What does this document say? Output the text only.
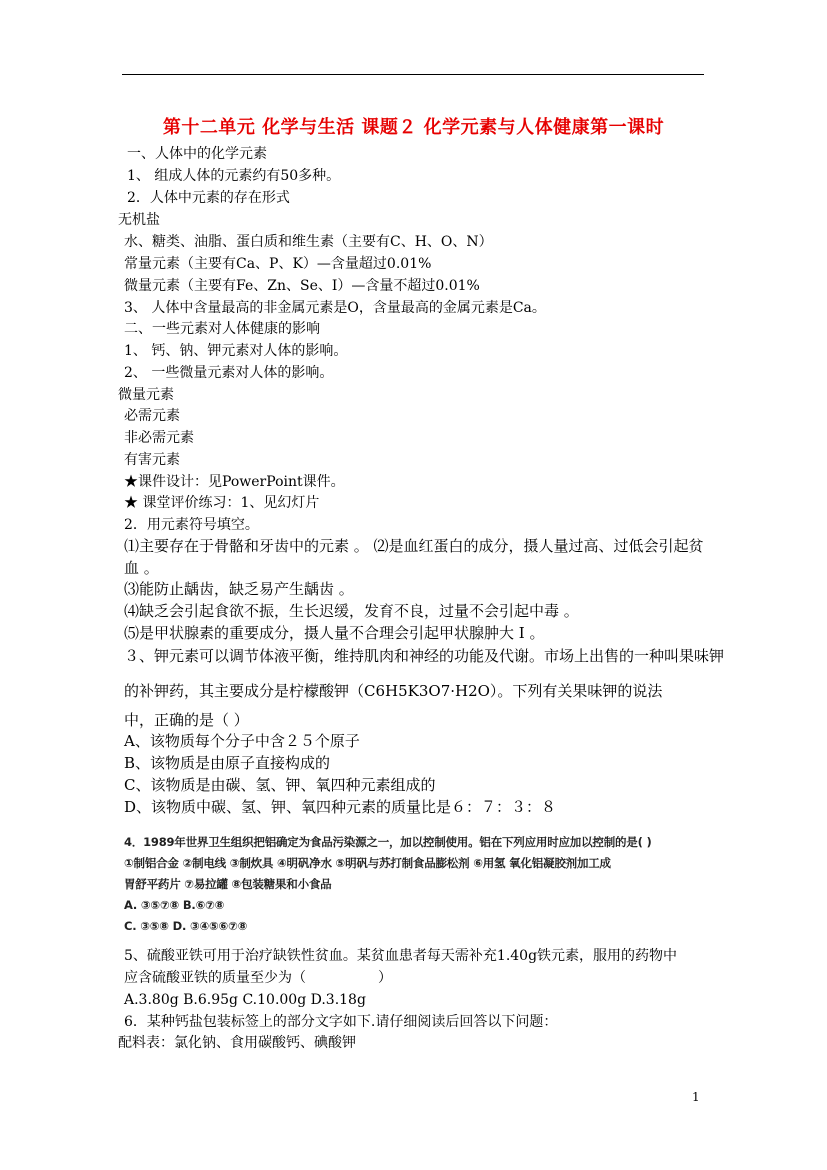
第十二单元 化学与生活 课题２ 化学元素与人体健康第一课时
一、人体中的化学元素
1、 组成人体的元素约有50多种。
2．人体中元素的存在形式
无机盐
水、糖类、油脂、蛋白质和维生素（主要有C、H、O、N）
常量元素（主要有Ca、P、K）—含量超过0.01%
微量元素（主要有Fe、Zn、Se、I）—含量不超过0.01%
3、 人体中含量最高的非金属元素是O，含量最高的金属元素是Ca。
二、一些元素对人体健康的影响
1、 钙、钠、钾元素对人体的影响。
2、 一些微量元素对人体的影响。
微量元素
必需元素
非必需元素
有害元素
★课件设计：见PowerPoint课件。
★ 课堂评价练习：1、见幻灯片
2．用元素符号填空。
⑴主要存在于骨骼和牙齿中的元素 。 ⑵是血红蛋白的成分，摄人量过高、过低会引起贫
血 。
⑶能防止龋齿，缺乏易产生龋齿 。
⑷缺乏会引起食欲不振，生长迟缓，发育不良，过量不会引起中毒 。
⑸是甲状腺素的重要成分，摄人量不合理会引起甲状腺肿大 I 。
３、钾元素可以调节体液平衡，维持肌肉和神经的功能及代谢。市场上出售的一种叫果味钾
的补钾药，其主要成分是柠檬酸钾（C6H5K3O7·H2O）。下列有关果味钾的说法
中，正确的是（ ）
A、该物质每个分子中含２５个原子
B、该物质是由原子直接构成的
C、该物质是由碳、氢、钾、氧四种元素组成的
D、该物质中碳、氢、钾、氧四种元素的质量比是６：７：３：８
4．1989年世界卫生组织把铝确定为食品污染源之一，加以控制使用。铝在下列应用时应加以控制的是( )
①制铝合金 ②制电线 ③制炊具 ④明矾净水 ⑤明矾与苏打制食品膨松剂 ⑥用氢 氧化铝凝胶剂加工成
胃舒平药片 ⑦易拉罐 ⑧包装糖果和小食品
A. ③⑤⑦⑧ B.⑥⑦⑧
C. ③⑤⑧ D. ③④⑤⑥⑦⑧
5、硫酸亚铁可用于治疗缺铁性贫血。某贫血患者每天需补充1.40g铁元素，服用的药物中
应含硫酸亚铁的质量至少为（	）
A.3.80g B.6.95g C.10.00g D.3.18g
6．某种钙盐包装标签上的部分文字如下.请仔细阅读后回答以下问题：
配料表：氯化钠、食用碳酸钙、碘酸钾
1
